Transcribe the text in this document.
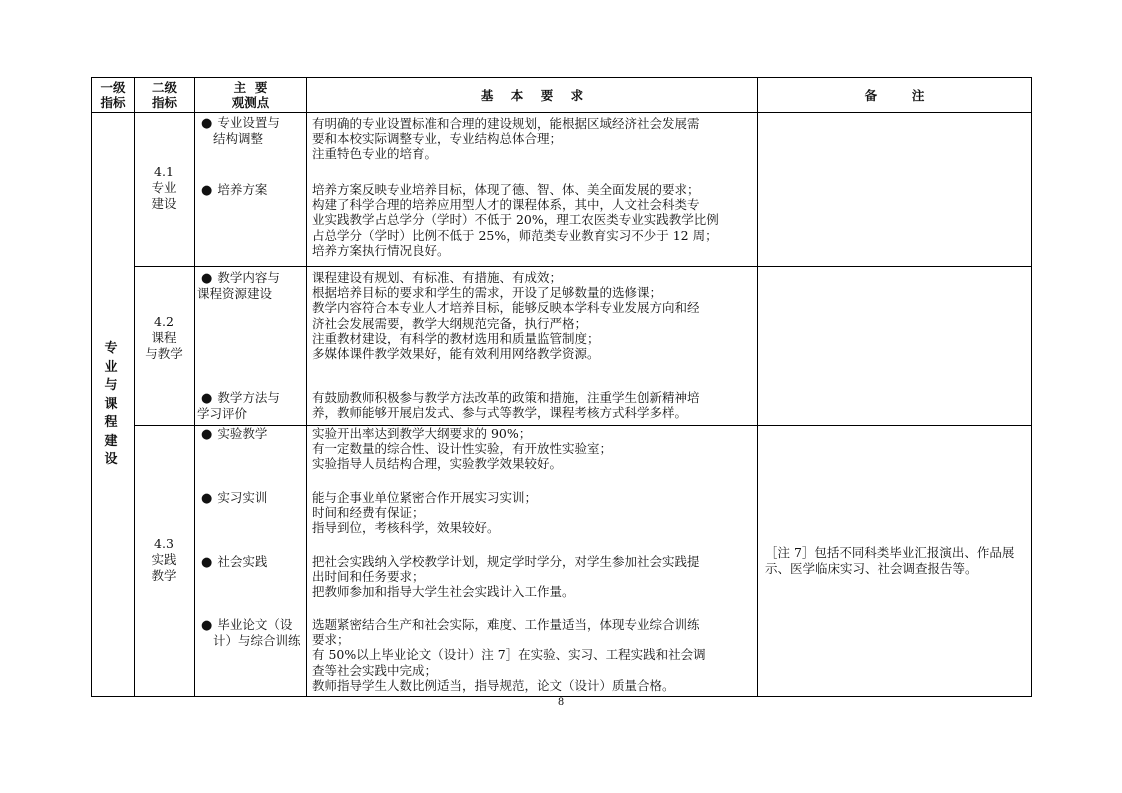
一级
指标
二级
指标
主  要
观测点	基    本    要    求	备        注
专
业
与
课
程
建
设
4.1
专业
建设
● 专业设置与
结构调整
● 培养方案
有明确的专业设置标准和合理的建设规划，能根据区域经济社会发展需
要和本校实际调整专业，专业结构总体合理；
注重特色专业的培育。
培养方案反映专业培养目标，体现了德、智、体、美全面发展的要求；
构建了科学合理的培养应用型人才的课程体系，其中，人文社会科类专
业实践教学占总学分（学时）不低于 20%，理工农医类专业实践教学比例
占总学分（学时）比例不低于 25%，师范类专业教育实习不少于 12 周；
培养方案执行情况良好。
4.2
课程
与教学
● 教学内容与
课程资源建设
● 教学方法与
学习评价
课程建设有规划、有标准、有措施、有成效；
根据培养目标的要求和学生的需求，开设了足够数量的选修课；
教学内容符合本专业人才培养目标，能够反映本学科专业发展方向和经
济社会发展需要，教学大纲规范完备，执行严格；
注重教材建设，有科学的教材选用和质量监管制度；
多媒体课件教学效果好，能有效利用网络教学资源。
有鼓励教师积极参与教学方法改革的政策和措施，注重学生创新精神培
养，教师能够开展启发式、参与式等教学，课程考核方式科学多样。
4.3
实践
教学
● 实验教学
● 实习实训
● 社会实践
● 毕业论文（设
计）与综合训练
实验开出率达到教学大纲要求的 90%；
有一定数量的综合性、设计性实验，有开放性实验室；
实验指导人员结构合理，实验教学效果较好。
能与企事业单位紧密合作开展实习实训；
时间和经费有保证；
指导到位，考核科学，效果较好。
把社会实践纳入学校教学计划，规定学时学分，对学生参加社会实践提
出时间和任务要求；
把教师参加和指导大学生社会实践计入工作量。
选题紧密结合生产和社会实际，难度、工作量适当，体现专业综合训练
要求；
有 50%以上毕业论文（设计）注 7］在实验、实习、工程实践和社会调
查等社会实践中完成；
教师指导学生人数比例适当，指导规范，论文（设计）质量合格。
［注 7］包括不同科类毕业汇报演出、作品展
示、医学临床实习、社会调查报告等。
8
